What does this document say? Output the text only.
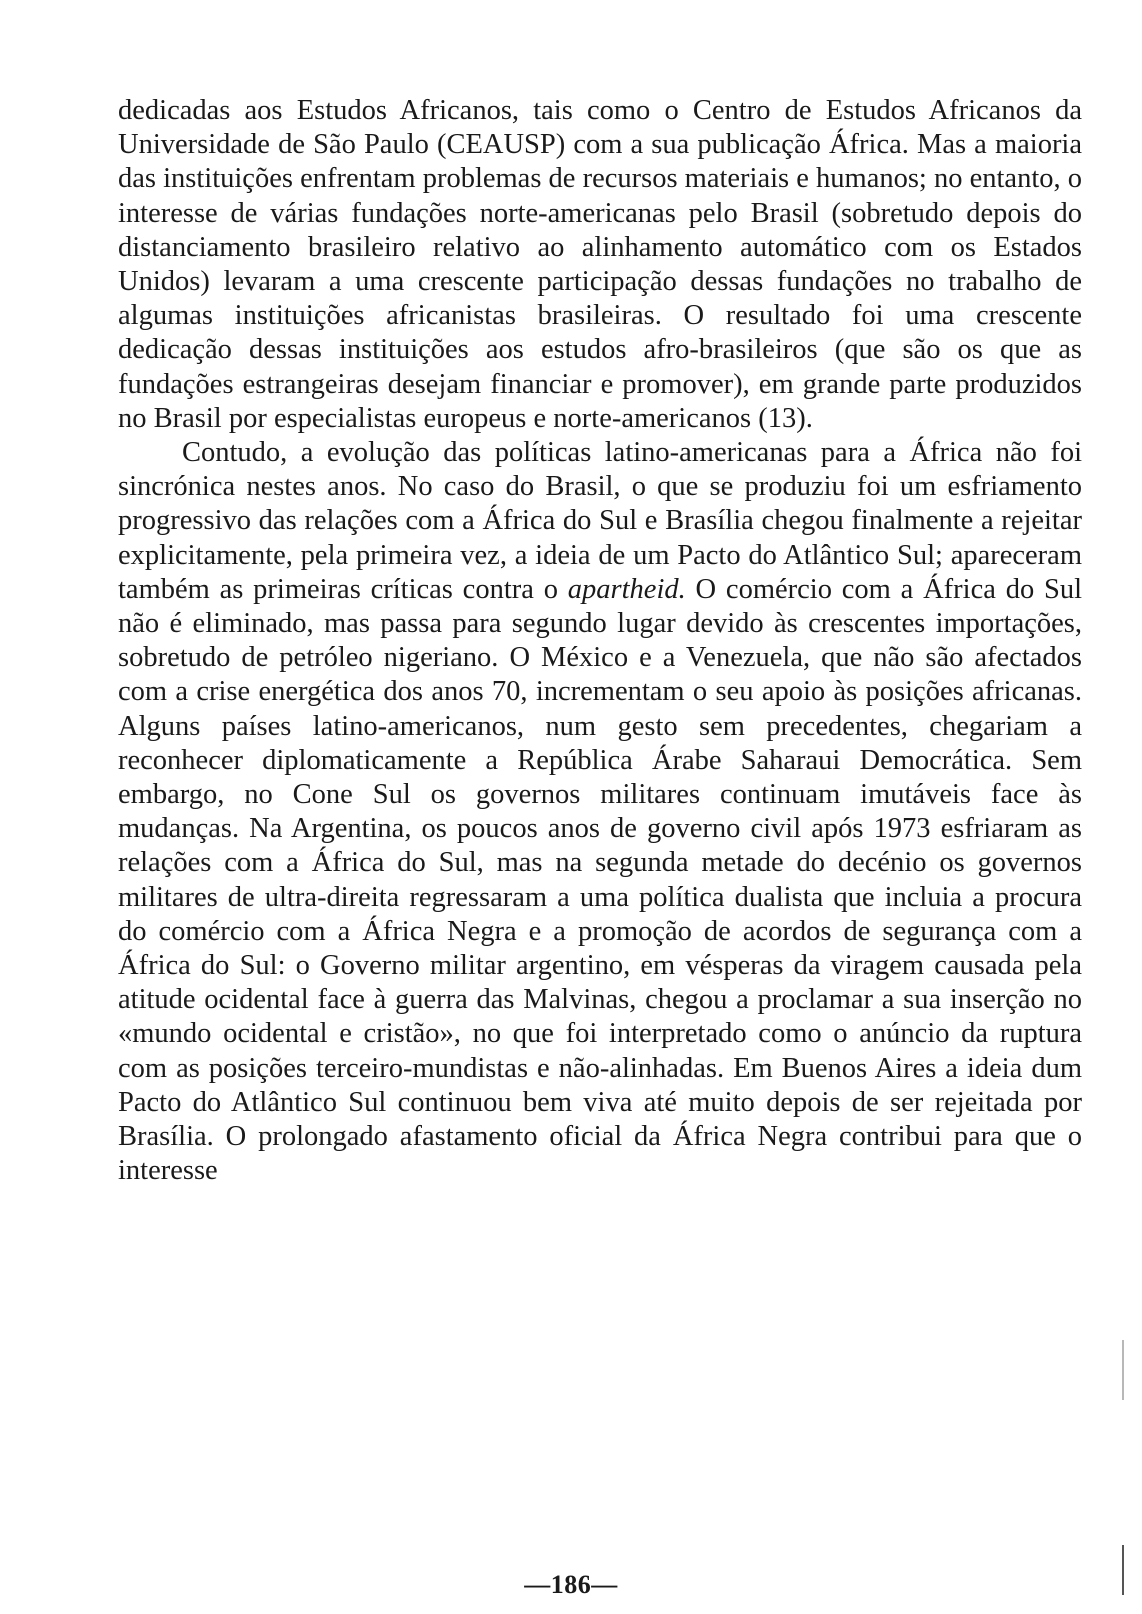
dedicadas aos Estudos Africanos, tais como o Centro de Estudos Africanos da Universidade de São Paulo (CEAUSP) com a sua publicação África. Mas a maioria das instituições enfrentam problemas de recursos materiais e humanos; no entanto, o interesse de várias fundações norte-americanas pelo Brasil (sobretudo depois do distanciamento brasileiro relativo ao alinhamento automático com os Estados Unidos) levaram a uma crescente participação dessas fundações no trabalho de algumas instituições africanistas brasileiras. O resultado foi uma crescente dedicação dessas instituições aos estudos afro-brasileiros (que são os que as fundações estrangeiras desejam financiar e promover), em grande parte produzidos no Brasil por especialistas europeus e norte-americanos (13).

Contudo, a evolução das políticas latino-americanas para a África não foi sincrónica nestes anos. No caso do Brasil, o que se produziu foi um esfriamento progressivo das relações com a África do Sul e Brasília chegou finalmente a rejeitar explicitamente, pela primeira vez, a ideia de um Pacto do Atlântico Sul; apareceram também as primeiras críticas contra o apartheid. O comércio com a África do Sul não é eliminado, mas passa para segundo lugar devido às crescentes importações, sobretudo de petróleo nigeriano. O México e a Venezuela, que não são afectados com a crise energética dos anos 70, incrementam o seu apoio às posições africanas. Alguns países latino-americanos, num gesto sem precedentes, chegariam a reconhecer diplomaticamente a República Árabe Saharaui Democrática. Sem embargo, no Cone Sul os governos militares continuam imutáveis face às mudanças. Na Argentina, os poucos anos de governo civil após 1973 esfriaram as relações com a África do Sul, mas na segunda metade do decénio os governos militares de ultra-direita regressaram a uma política dualista que incluia a procura do comércio com a África Negra e a promoção de acordos de segurança com a África do Sul: o Governo militar argentino, em vésperas da viragem causada pela atitude ocidental face à guerra das Malvinas, chegou a proclamar a sua inserção no «mundo ocidental e cristão», no que foi interpretado como o anúncio da ruptura com as posições terceiro-mundistas e não-alinhadas. Em Buenos Aires a ideia dum Pacto do Atlântico Sul continuou bem viva até muito depois de ser rejeitada por Brasília. O prolongado afastamento oficial da África Negra contribui para que o interesse

—186—
